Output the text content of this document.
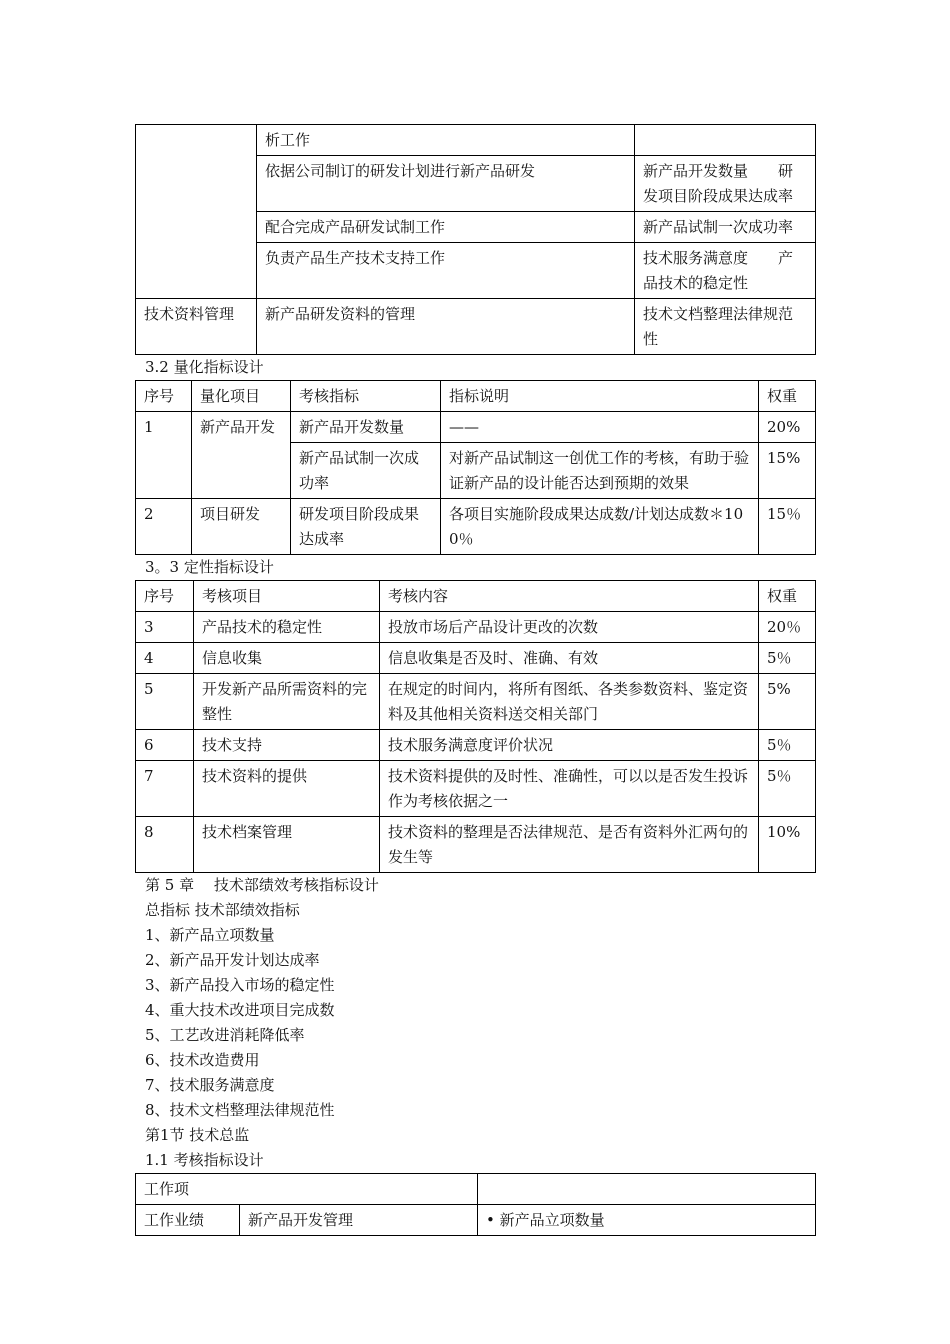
	析工作	
	依据公司制订的研发计划进行新产品研发	新产品开发数量　　研发项目阶段成果达成率
	配合完成产品研发试制工作	新产品试制一次成功率
	负责产品生产技术支持工作	技术服务满意度　　产品技术的稳定性
技术资料管理	新产品研发资料的管理	技术文档整理法律规范性
3.2 量化指标设计
序号	量化项目	考核指标	指标说明	权重
1	新产品开发	新产品开发数量	——	20%
		新产品试制一次成功率	对新产品试制这一创优工作的考核，有助于验证新产品的设计能否达到预期的效果	15%
2	项目研发	研发项目阶段成果达成率	各项目实施阶段成果达成数/计划达成数＊100％	15％
3。3 定性指标设计
序号	考核项目	考核内容	权重
3	产品技术的稳定性	投放市场后产品设计更改的次数	20％
4	信息收集	信息收集是否及时、准确、有效	5％
5	开发新产品所需资料的完整性	在规定的时间内，将所有图纸、各类参数资料、鉴定资料及其他相关资料送交相关部门	5%
6	技术支持	技术服务满意度评价状况	5％
7	技术资料的提供	技术资料提供的及时性、准确性，可以以是否发生投诉作为考核依据之一	5％
8	技术档案管理	技术资料的整理是否法律规范、是否有资料外汇两句的发生等	10%
第 5 章　 技术部绩效考核指标设计
总指标 技术部绩效指标
1、新产品立项数量
2、新产品开发计划达成率
3、新产品投入市场的稳定性
4、重大技术改进项目完成数
5、工艺改进消耗降低率
6、技术改造费用
7、技术服务满意度
8、技术文档整理法律规范性
第1节 技术总监
1.1 考核指标设计
工作项		
工作业绩	新产品开发管理	• 新产品立项数量
